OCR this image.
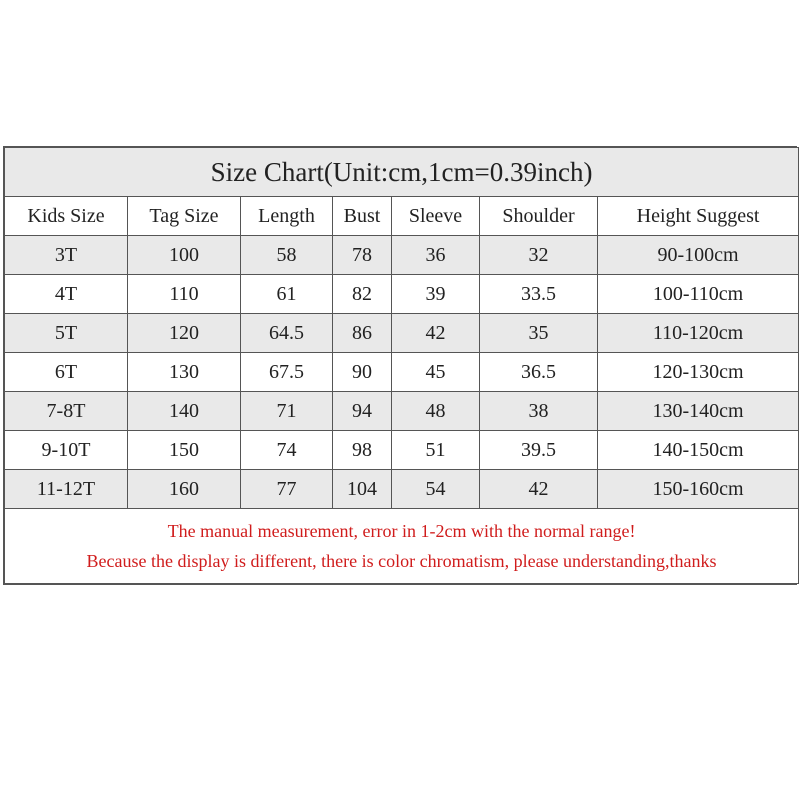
Size Chart(Unit:cm,1cm=0.39inch)						
Kids Size	Tag Size	Length	Bust	Sleeve	Shoulder	Height Suggest
3T	100	58	78	36	32	90-100cm
4T	110	61	82	39	33.5	100-110cm
5T	120	64.5	86	42	35	110-120cm
6T	130	67.5	90	45	36.5	120-130cm
7-8T	140	71	94	48	38	130-140cm
9-10T	150	74	98	51	39.5	140-150cm
11-12T	160	77	104	54	42	150-160cm

The manual measurement, error in 1-2cm with the normal range!
Because the display is different, there is color chromatism, please understanding,thanks						
